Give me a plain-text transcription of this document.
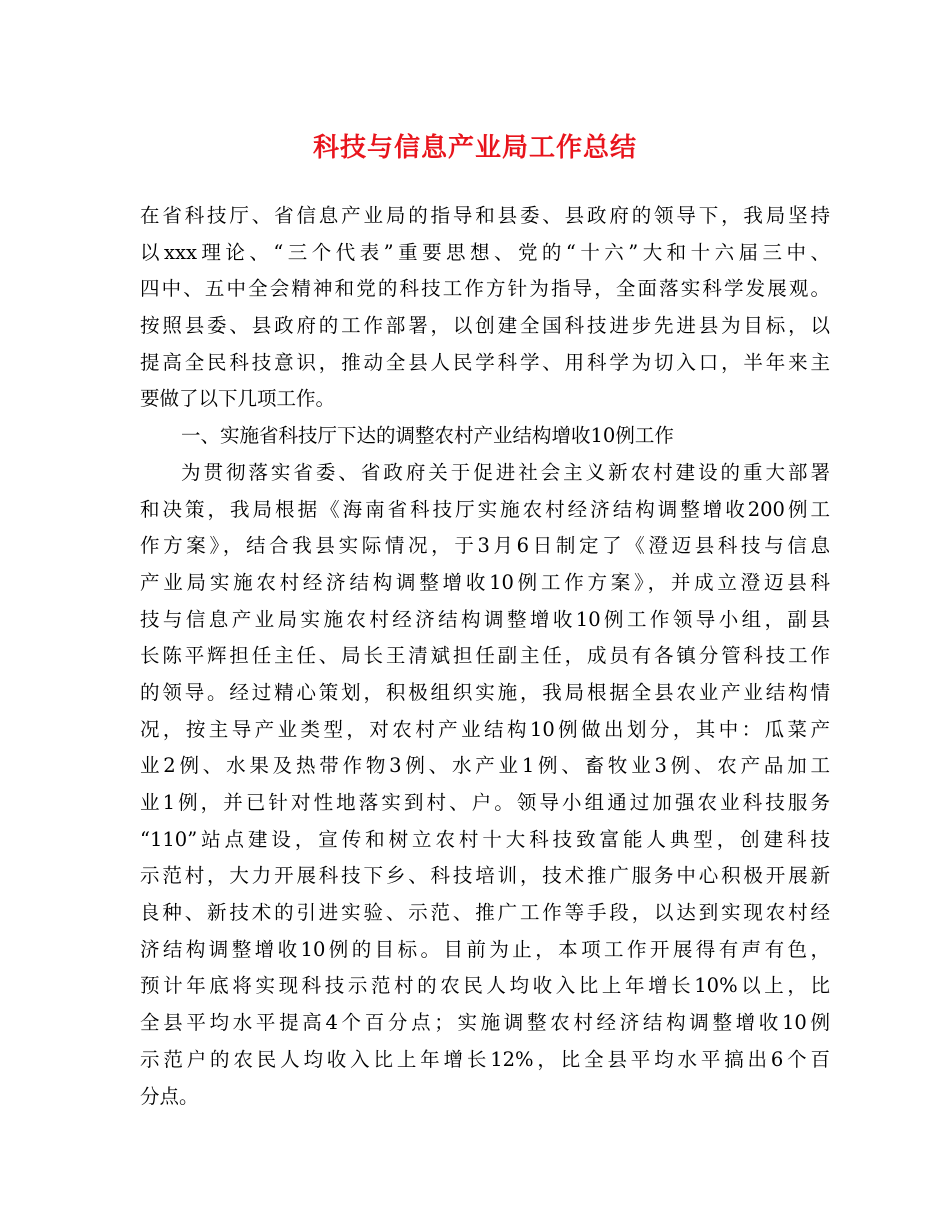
科技与信息产业局工作总结
在省科技厅、省信息产业局的指导和县委、县政府的领导下，我局坚持
以xxx理论、“三个代表”重要思想、党的“十六”大和十六届三中、
四中、五中全会精神和党的科技工作方针为指导，全面落实科学发展观。
按照县委、县政府的工作部署，以创建全国科技进步先进县为目标，以
提高全民科技意识，推动全县人民学科学、用科学为切入口，半年来主
要做了以下几项工作。
一、实施省科技厅下达的调整农村产业结构增收10例工作
为贯彻落实省委、省政府关于促进社会主义新农村建设的重大部署
和决策，我局根据《海南省科技厅实施农村经济结构调整增收200例工
作方案》，结合我县实际情况，于3月6日制定了《澄迈县科技与信息
产业局实施农村经济结构调整增收10例工作方案》，并成立澄迈县科
技与信息产业局实施农村经济结构调整增收10例工作领导小组，副县
长陈平辉担任主任、局长王清斌担任副主任，成员有各镇分管科技工作
的领导。经过精心策划，积极组织实施，我局根据全县农业产业结构情
况，按主导产业类型，对农村产业结构10例做出划分，其中：瓜菜产
业2例、水果及热带作物3例、水产业1例、畜牧业3例、农产品加工
业1例，并已针对性地落实到村、户。领导小组通过加强农业科技服务
“110”站点建设，宣传和树立农村十大科技致富能人典型，创建科技
示范村，大力开展科技下乡、科技培训，技术推广服务中心积极开展新
良种、新技术的引进实验、示范、推广工作等手段，以达到实现农村经
济结构调整增收10例的目标。目前为止，本项工作开展得有声有色，
预计年底将实现科技示范村的农民人均收入比上年增长10%以上，比
全县平均水平提高4个百分点；实施调整农村经济结构调整增收10例
示范户的农民人均收入比上年增长12%，比全县平均水平搞出6个百
分点。
